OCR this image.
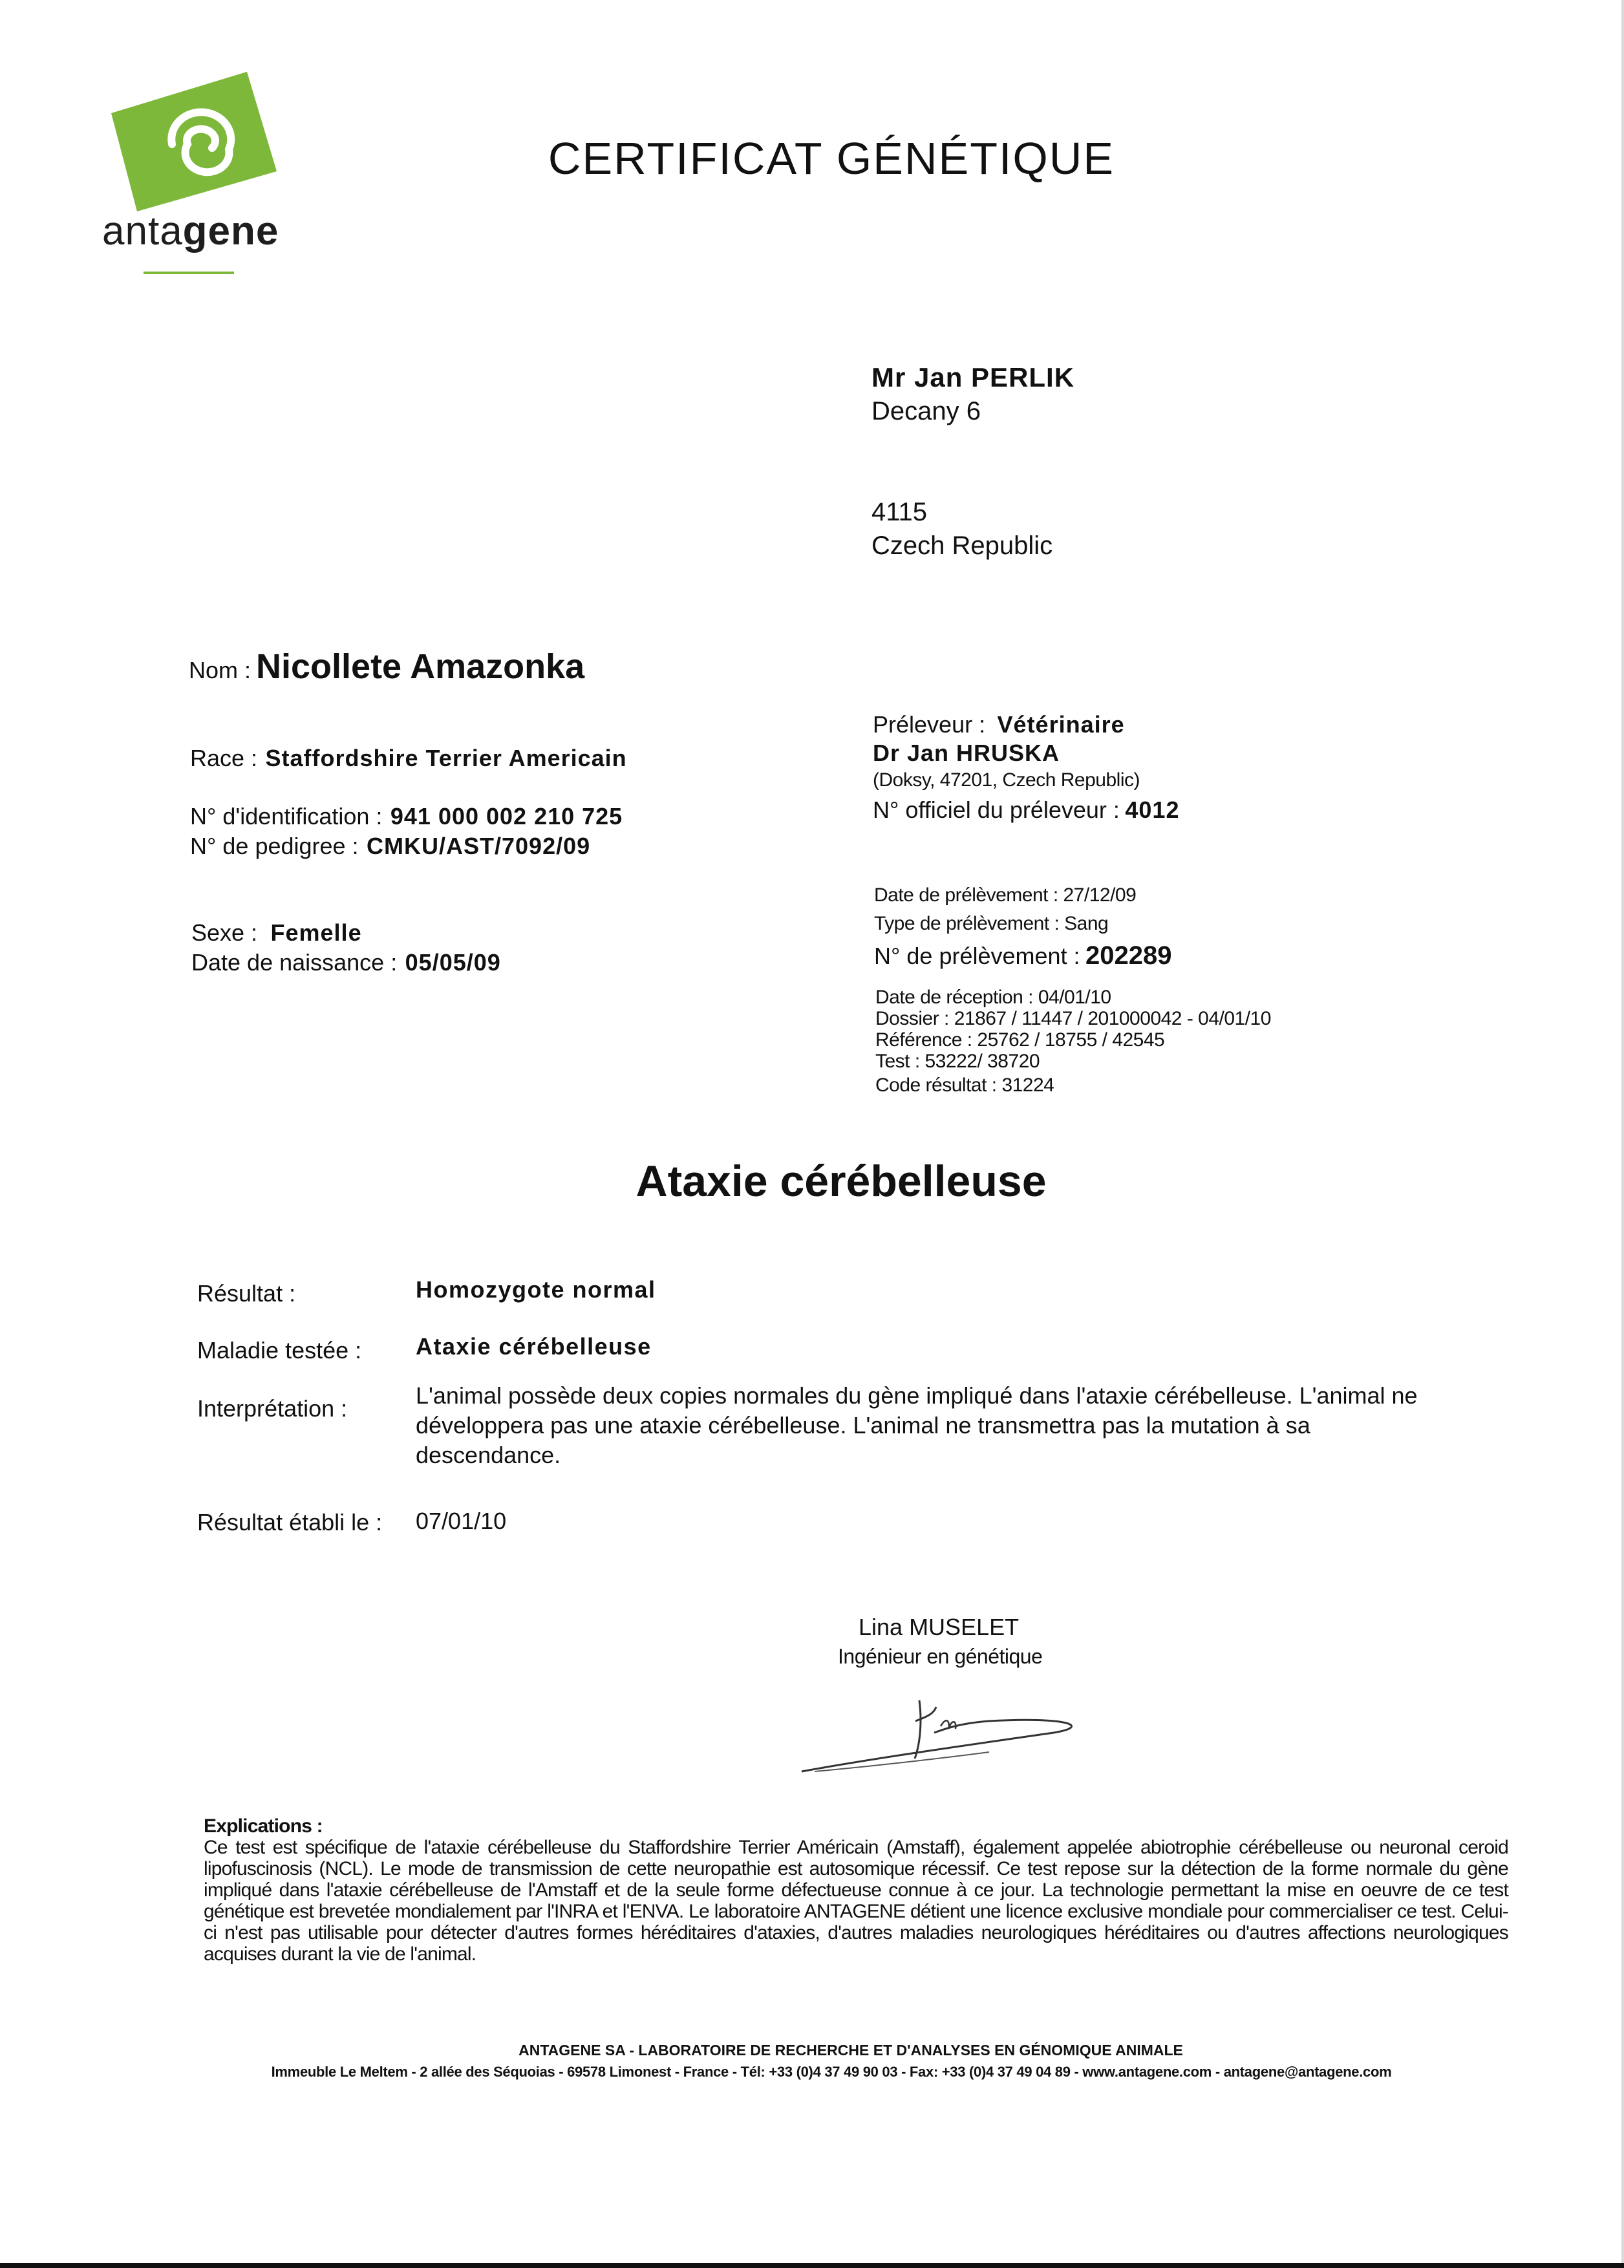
antagene
CERTIFICAT GÉNÉTIQUE
Mr Jan PERLIK
Decany 6
4115
Czech Republic
Nom : Nicollete Amazonka
Race : Staffordshire Terrier Americain
N° d'identification : 941 000 002 210 725
N° de pedigree : CMKU/AST/7092/09
Sexe : Femelle
Date de naissance : 05/05/09
Préleveur : Vétérinaire
Dr Jan HRUSKA
(Doksy, 47201, Czech Republic)
N° officiel du préleveur : 4012
Date de prélèvement : 27/12/09
Type de prélèvement : Sang
N° de prélèvement : 202289
Date de réception : 04/01/10
Dossier : 21867 / 11447 / 201000042 - 04/01/10
Référence : 25762 / 18755 / 42545
Test : 53222/ 38720
Code résultat : 31224
Ataxie cérébelleuse
Résultat :	Homozygote normal
Maladie testée : Ataxie cérébelleuse
Interprétation :	L'animal possède deux copies normales du gène impliqué dans l'ataxie cérébelleuse. L'animal ne développera pas une ataxie cérébelleuse. L'animal ne transmettra pas la mutation à sa descendance.
Résultat établi le : 07/01/10
Lina MUSELET
Ingénieur en génétique
Explications :
Ce test est spécifique de l'ataxie cérébelleuse du Staffordshire Terrier Américain (Amstaff), également appelée abiotrophie cérébelleuse ou neuronal ceroid lipofuscinosis (NCL). Le mode de transmission de cette neuropathie est autosomique récessif. Ce test repose sur la détection de la forme normale du gène impliqué dans l'ataxie cérébelleuse de l'Amstaff et de la seule forme défectueuse connue à ce jour. La technologie permettant la mise en oeuvre de ce test génétique est brevetée mondialement par l'INRA et l'ENVA. Le laboratoire ANTAGENE détient une licence exclusive mondiale pour commercialiser ce test. Celui-ci n'est pas utilisable pour détecter d'autres formes héréditaires d'ataxies, d'autres maladies neurologiques héréditaires ou d'autres affections neurologiques acquises durant la vie de l'animal.
ANTAGENE SA - LABORATOIRE DE RECHERCHE ET D'ANALYSES EN GÉNOMIQUE ANIMALE
Immeuble Le Meltem - 2 allée des Séquoias - 69578 Limonest - France - Tél: +33 (0)4 37 49 90 03 - Fax: +33 (0)4 37 49 04 89 - www.antagene.com - antagene@antagene.com
